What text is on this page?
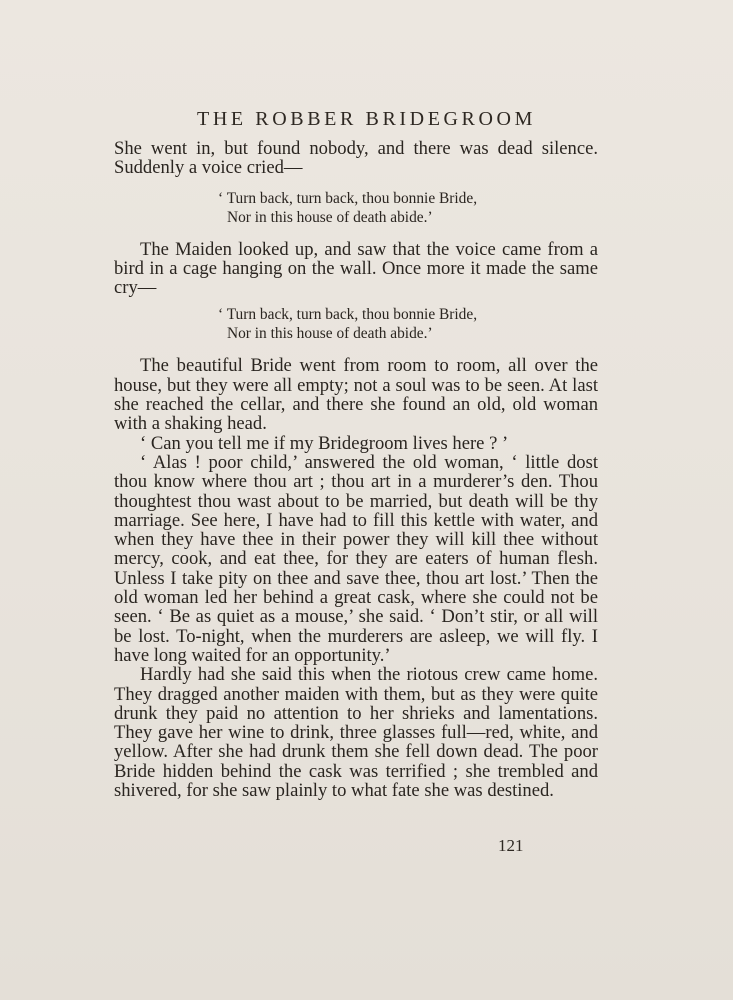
THE ROBBER BRIDEGROOM

She went in, but found nobody, and there was dead silence. Suddenly a voice cried—

‘ Turn back, turn back, thou bonnie Bride,
Nor in this house of death abide.’

The Maiden looked up, and saw that the voice came from a bird in a cage hanging on the wall. Once more it made the same cry—

‘ Turn back, turn back, thou bonnie Bride,
Nor in this house of death abide.’

The beautiful Bride went from room to room, all over the house, but they were all empty; not a soul was to be seen. At last she reached the cellar, and there she found an old, old woman with a shaking head.

‘ Can you tell me if my Bridegroom lives here ? ’

‘ Alas ! poor child,’ answered the old woman, ‘ little dost thou know where thou art ; thou art in a murderer’s den. Thou thoughtest thou wast about to be married, but death will be thy marriage. See here, I have had to fill this kettle with water, and when they have thee in their power they will kill thee without mercy, cook, and eat thee, for they are eaters of human flesh. Unless I take pity on thee and save thee, thou art lost.’ Then the old woman led her behind a great cask, where she could not be seen. ‘ Be as quiet as a mouse,’ she said. ‘ Don’t stir, or all will be lost. To-night, when the murderers are asleep, we will fly. I have long waited for an opportunity.’

Hardly had she said this when the riotous crew came home. They dragged another maiden with them, but as they were quite drunk they paid no attention to her shrieks and lamentations. They gave her wine to drink, three glasses full—red, white, and yellow. After she had drunk them she fell down dead. The poor Bride hidden behind the cask was terrified ; she trembled and shivered, for she saw plainly to what fate she was destined.

121
